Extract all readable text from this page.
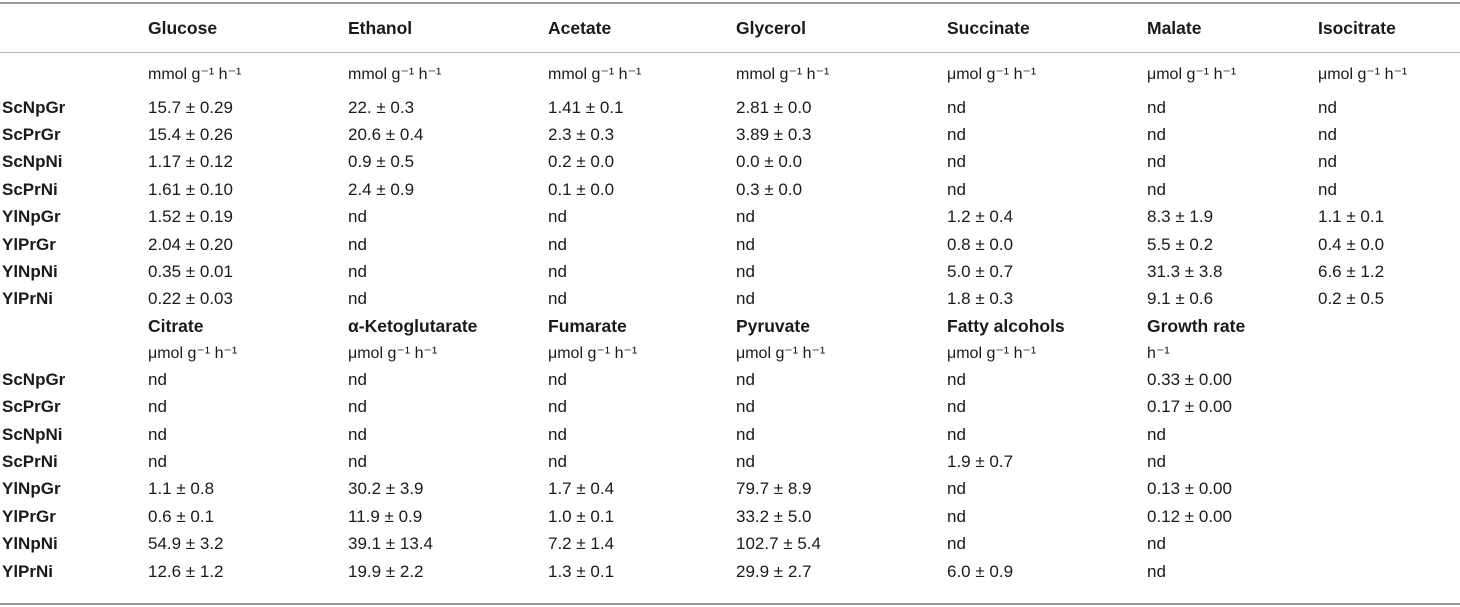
	Glucose	Ethanol	Acetate	Glycerol	Succinate	Malate	Isocitrate
	mmol g⁻¹ h⁻¹	mmol g⁻¹ h⁻¹	mmol g⁻¹ h⁻¹	mmol g⁻¹ h⁻¹	μmol g⁻¹ h⁻¹	μmol g⁻¹ h⁻¹	μmol g⁻¹ h⁻¹
ScNpGr	15.7 ± 0.29	22. ± 0.3	1.41 ± 0.1	2.81 ± 0.0	nd	nd	nd
ScPrGr	15.4 ± 0.26	20.6 ± 0.4	2.3 ± 0.3	3.89 ± 0.3	nd	nd	nd
ScNpNi	1.17 ± 0.12	0.9 ± 0.5	0.2 ± 0.0	0.0 ± 0.0	nd	nd	nd
ScPrNi	1.61 ± 0.10	2.4 ± 0.9	0.1 ± 0.0	0.3 ± 0.0	nd	nd	nd
YlNpGr	1.52 ± 0.19	nd	nd	nd	1.2 ± 0.4	8.3 ± 1.9	1.1 ± 0.1
YlPrGr	2.04 ± 0.20	nd	nd	nd	0.8 ± 0.0	5.5 ± 0.2	0.4 ± 0.0
YlNpNi	0.35 ± 0.01	nd	nd	nd	5.0 ± 0.7	31.3 ± 3.8	6.6 ± 1.2
YlPrNi	0.22 ± 0.03	nd	nd	nd	1.8 ± 0.3	9.1 ± 0.6	0.2 ± 0.5
	Citrate	α-Ketoglutarate	Fumarate	Pyruvate	Fatty alcohols	Growth rate	
	μmol g⁻¹ h⁻¹	μmol g⁻¹ h⁻¹	μmol g⁻¹ h⁻¹	μmol g⁻¹ h⁻¹	μmol g⁻¹ h⁻¹	h⁻¹	
ScNpGr	nd	nd	nd	nd	nd	0.33 ± 0.00	
ScPrGr	nd	nd	nd	nd	nd	0.17 ± 0.00	
ScNpNi	nd	nd	nd	nd	nd	nd	
ScPrNi	nd	nd	nd	nd	1.9 ± 0.7	nd	
YlNpGr	1.1 ± 0.8	30.2 ± 3.9	1.7 ± 0.4	79.7 ± 8.9	nd	0.13 ± 0.00	
YlPrGr	0.6 ± 0.1	11.9 ± 0.9	1.0 ± 0.1	33.2 ± 5.0	nd	0.12 ± 0.00	
YlNpNi	54.9 ± 3.2	39.1 ± 13.4	7.2 ± 1.4	102.7 ± 5.4	nd	nd	
YlPrNi	12.6 ± 1.2	19.9 ± 2.2	1.3 ± 0.1	29.9 ± 2.7	6.0 ± 0.9	nd	
